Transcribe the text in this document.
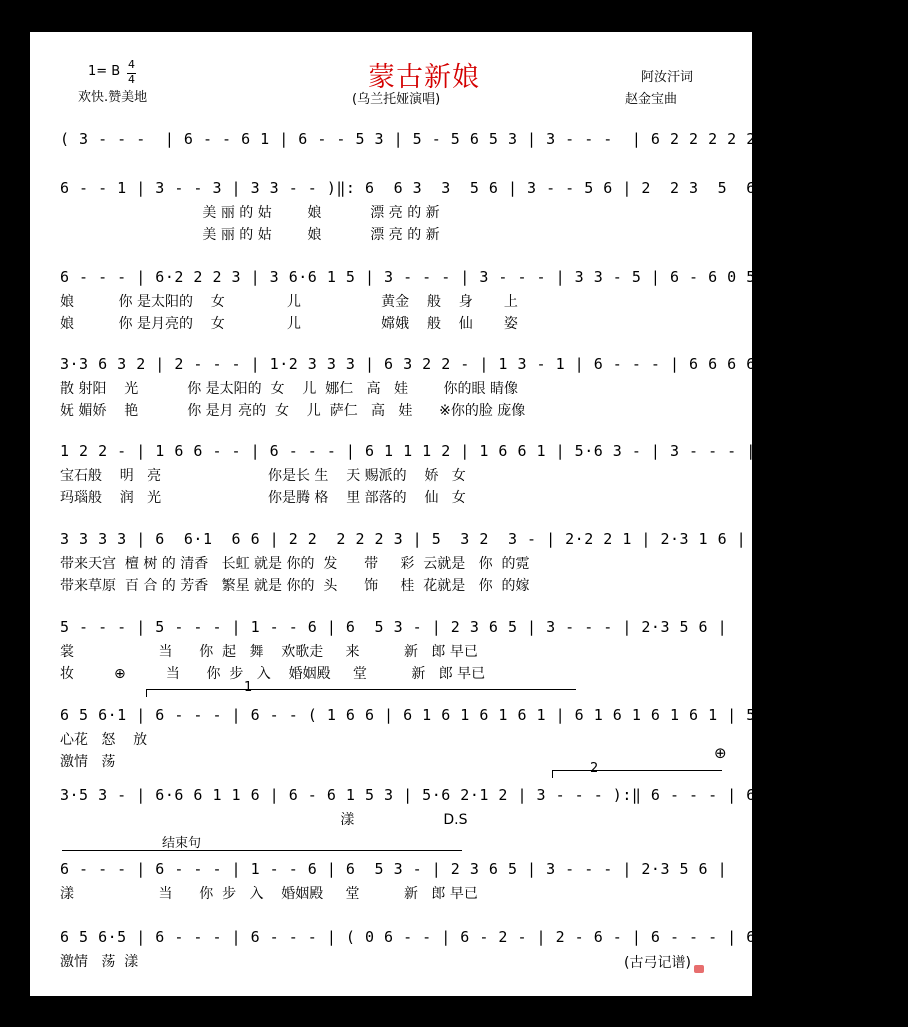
蒙古新娘
1= B 4
4
欢快.赞美地	(乌兰托娅演唱)
阿汝汗词
赵金宝曲
( 3 - - -  | 6 - - 6 1 | 6 - - 5 3 | 5 - 5 6 5 3 | 3 - - -  | 6 2 2 2 2 2 3 |
6 - - 1 | 3 - - 3 | 3 3 - - )‖: 6  6 3  3  5 6 | 3 - - 5 6 | 2  2 3  5  6 |
美 丽 的 姑        娘           漂 亮 的 新
美 丽 的 姑        娘           漂 亮 的 新
6 - - - | 6·2 2 2 3 | 3 6·6 1 5 | 3 - - - | 3 - - - | 3 3 - 5 | 6 - 6 0 5 |
娘          你 是太阳的    女              儿                  黄金    般    身       上
娘          你 是月亮的    女              儿                  嫦娥    般    仙       姿
3·3 6 3 2 | 2 - - - | 1·2 3 3 3 | 6 3 2 2 - | 1 3 - 1 | 6 - - - | 6 6 6 6 6 |
散 射阳    光           你 是太阳的  女    儿  娜仁   高   娃        你的眼 睛像
妩 媚娇    艳           你 是月 亮的  女    儿  萨仁   高   娃      ※你的脸 庞像
1 2 2 - | 1 6 6 - - | 6 - - - | 6 1 1 1 2 | 1 6 6 1 | 5·6 3 - | 3 - - - |
宝石般    明   亮                        你是长 生    天 赐派的    娇   女
玛瑙般    润   光                        你是腾 格    里 部落的    仙   女
3 3 3 3 | 6  6·1  6 6 | 2 2  2 2 2 3 | 5  3 2  3 - | 2·2 2 1 | 2·3 1 6 |
带来天宫  檀 树 的 清香   长虹 就是 你的  发      带     彩  云就是   你  的霓
带来草原  百 合 的 芳香   繁星 就是 你的  头      饰     桂  花就是   你  的嫁
5 - - - | 5 - - - | 1 - - 6 | 6  5 3 - | 2 3 6 5 | 3 - - - | 2·3 5 6 |
裳                   当      你  起   舞    欢歌走     来          新   郎 早已
妆         ⊕         当      你  步   入    婚姻殿     堂          新   郎 早已
6 5 6·1 | 6 - - - | 6 - - ( 1 6 6 | 6 1 6 1 6 1 6 1 | 6 1 6 1 6 1 6 1 | 5 3 5 6 1 1 2 3 |
心花   怒    放
激情   荡
3·5 3 - | 6·6 6 1 1 6 | 6 - 6 1 5 3 | 5·6 2·1 2 | 3 - - - ):‖ 6 - - - | 6 - - - |
漾                    D.S
6 - - - | 6 - - - | 1 - - 6 | 6  5 3 - | 2 3 6 5 | 3 - - - | 2·3 5 6 |
漾                   当      你  步   入    婚姻殿     堂          新   郎 早已
6 5 6·5 | 6 - - - | 6 - - - | ( 0 6 - - | 6 - 2 - | 2 - 6 - | 6 - - - | 6 - - 0 )‖
激情   荡  漾
1
2
结束句
⊕
(古弓记谱)
